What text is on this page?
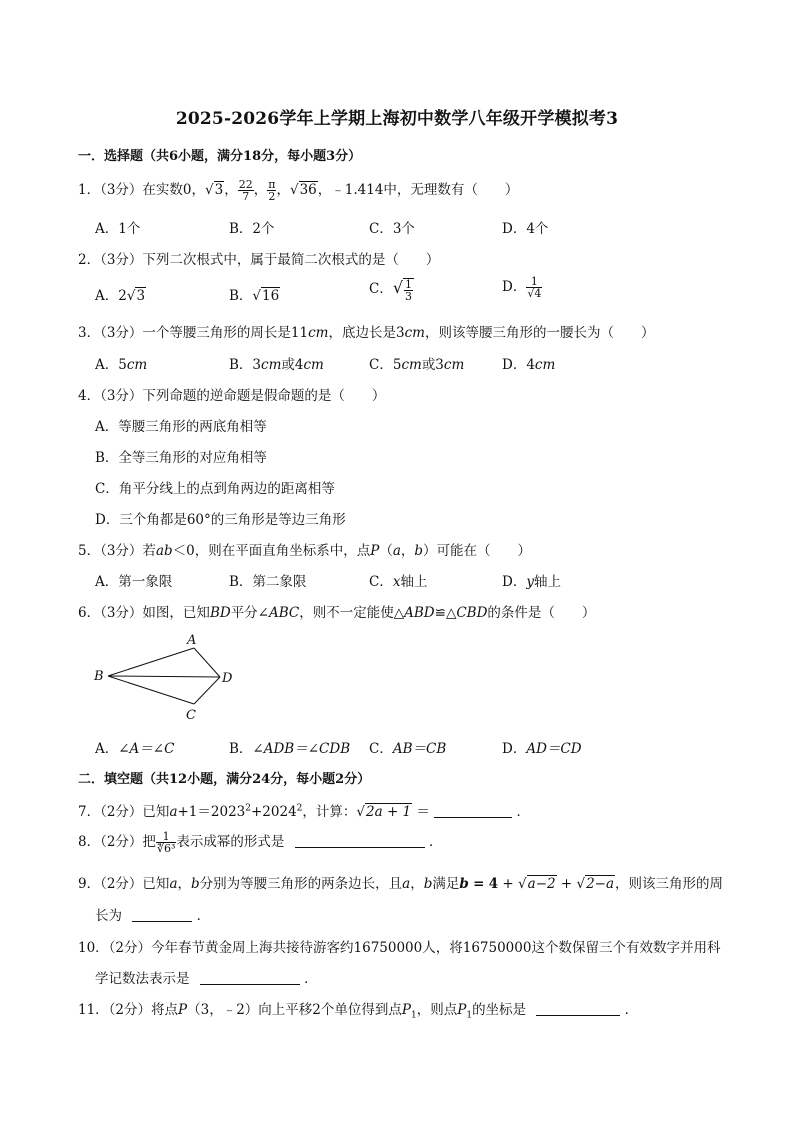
2025-2026学年上学期上海初中数学八年级开学模拟考3
一．选择题（共6小题，满分18分，每小题3分）
1．（3分）在实数0，√3， $\frac{22}{7}$ ， $\frac{\pi}{2}$ ，√36，﹣1.414中，无理数有（　　）
A．1个	B．2个	C．3个	D．4个
2．（3分）下列二次根式中，属于最简二次根式的是（　　）
A．2√3	B．√16	C．√ $\frac{1}{3}$	D． $\frac{1}{√4}$
3．（3分）一个等腰三角形的周长是11cm，底边长是3cm，则该等腰三角形的一腰长为（　　）
A．5cm	B．3cm或4cm	C．5cm或3cm	D．4cm
4．（3分）下列命题的逆命题是假命题的是（　　）
A．等腰三角形的两底角相等
B．全等三角形的对应角相等
C．角平分线上的点到角两边的距离相等
D．三个角都是60°的三角形是等边三角形
5．（3分）若ab＜0，则在平面直角坐标系中，点P（a，b）可能在（　　）
A．第一象限	B．第二象限	C．x轴上	D．y轴上
6．（3分）如图，已知BD平分∠ABC，则不一定能使△ABD≌△CBD的条件是（　　）
A
B	D
C
A．∠A＝∠C	B．∠ADB＝∠CDB C．AB＝CB	D．AD＝CD
二．填空题（共12小题，满分24分，每小题2分）
7．（2分）已知$a+1=2023^2+2024^2$，计算：√2a + 1 ＝	．
8．（2分）把 $\frac{1}{\text{∜6³}}$ 表示成幂的形式是	．
9．（2分）已知a，b分别为等腰三角形的两条边长，且a，b满足b = 4 + √a−2 + √2−a，则该三角形的周
长为	．
10．（2分）今年春节黄金周上海共接待游客约16750000人，将16750000这个数保留三个有效数字并用科
学记数法表示是	．
11．（2分）将点P（3，﹣2）向上平移2个单位得到点$P_1$，则点$P_1$的坐标是	．
